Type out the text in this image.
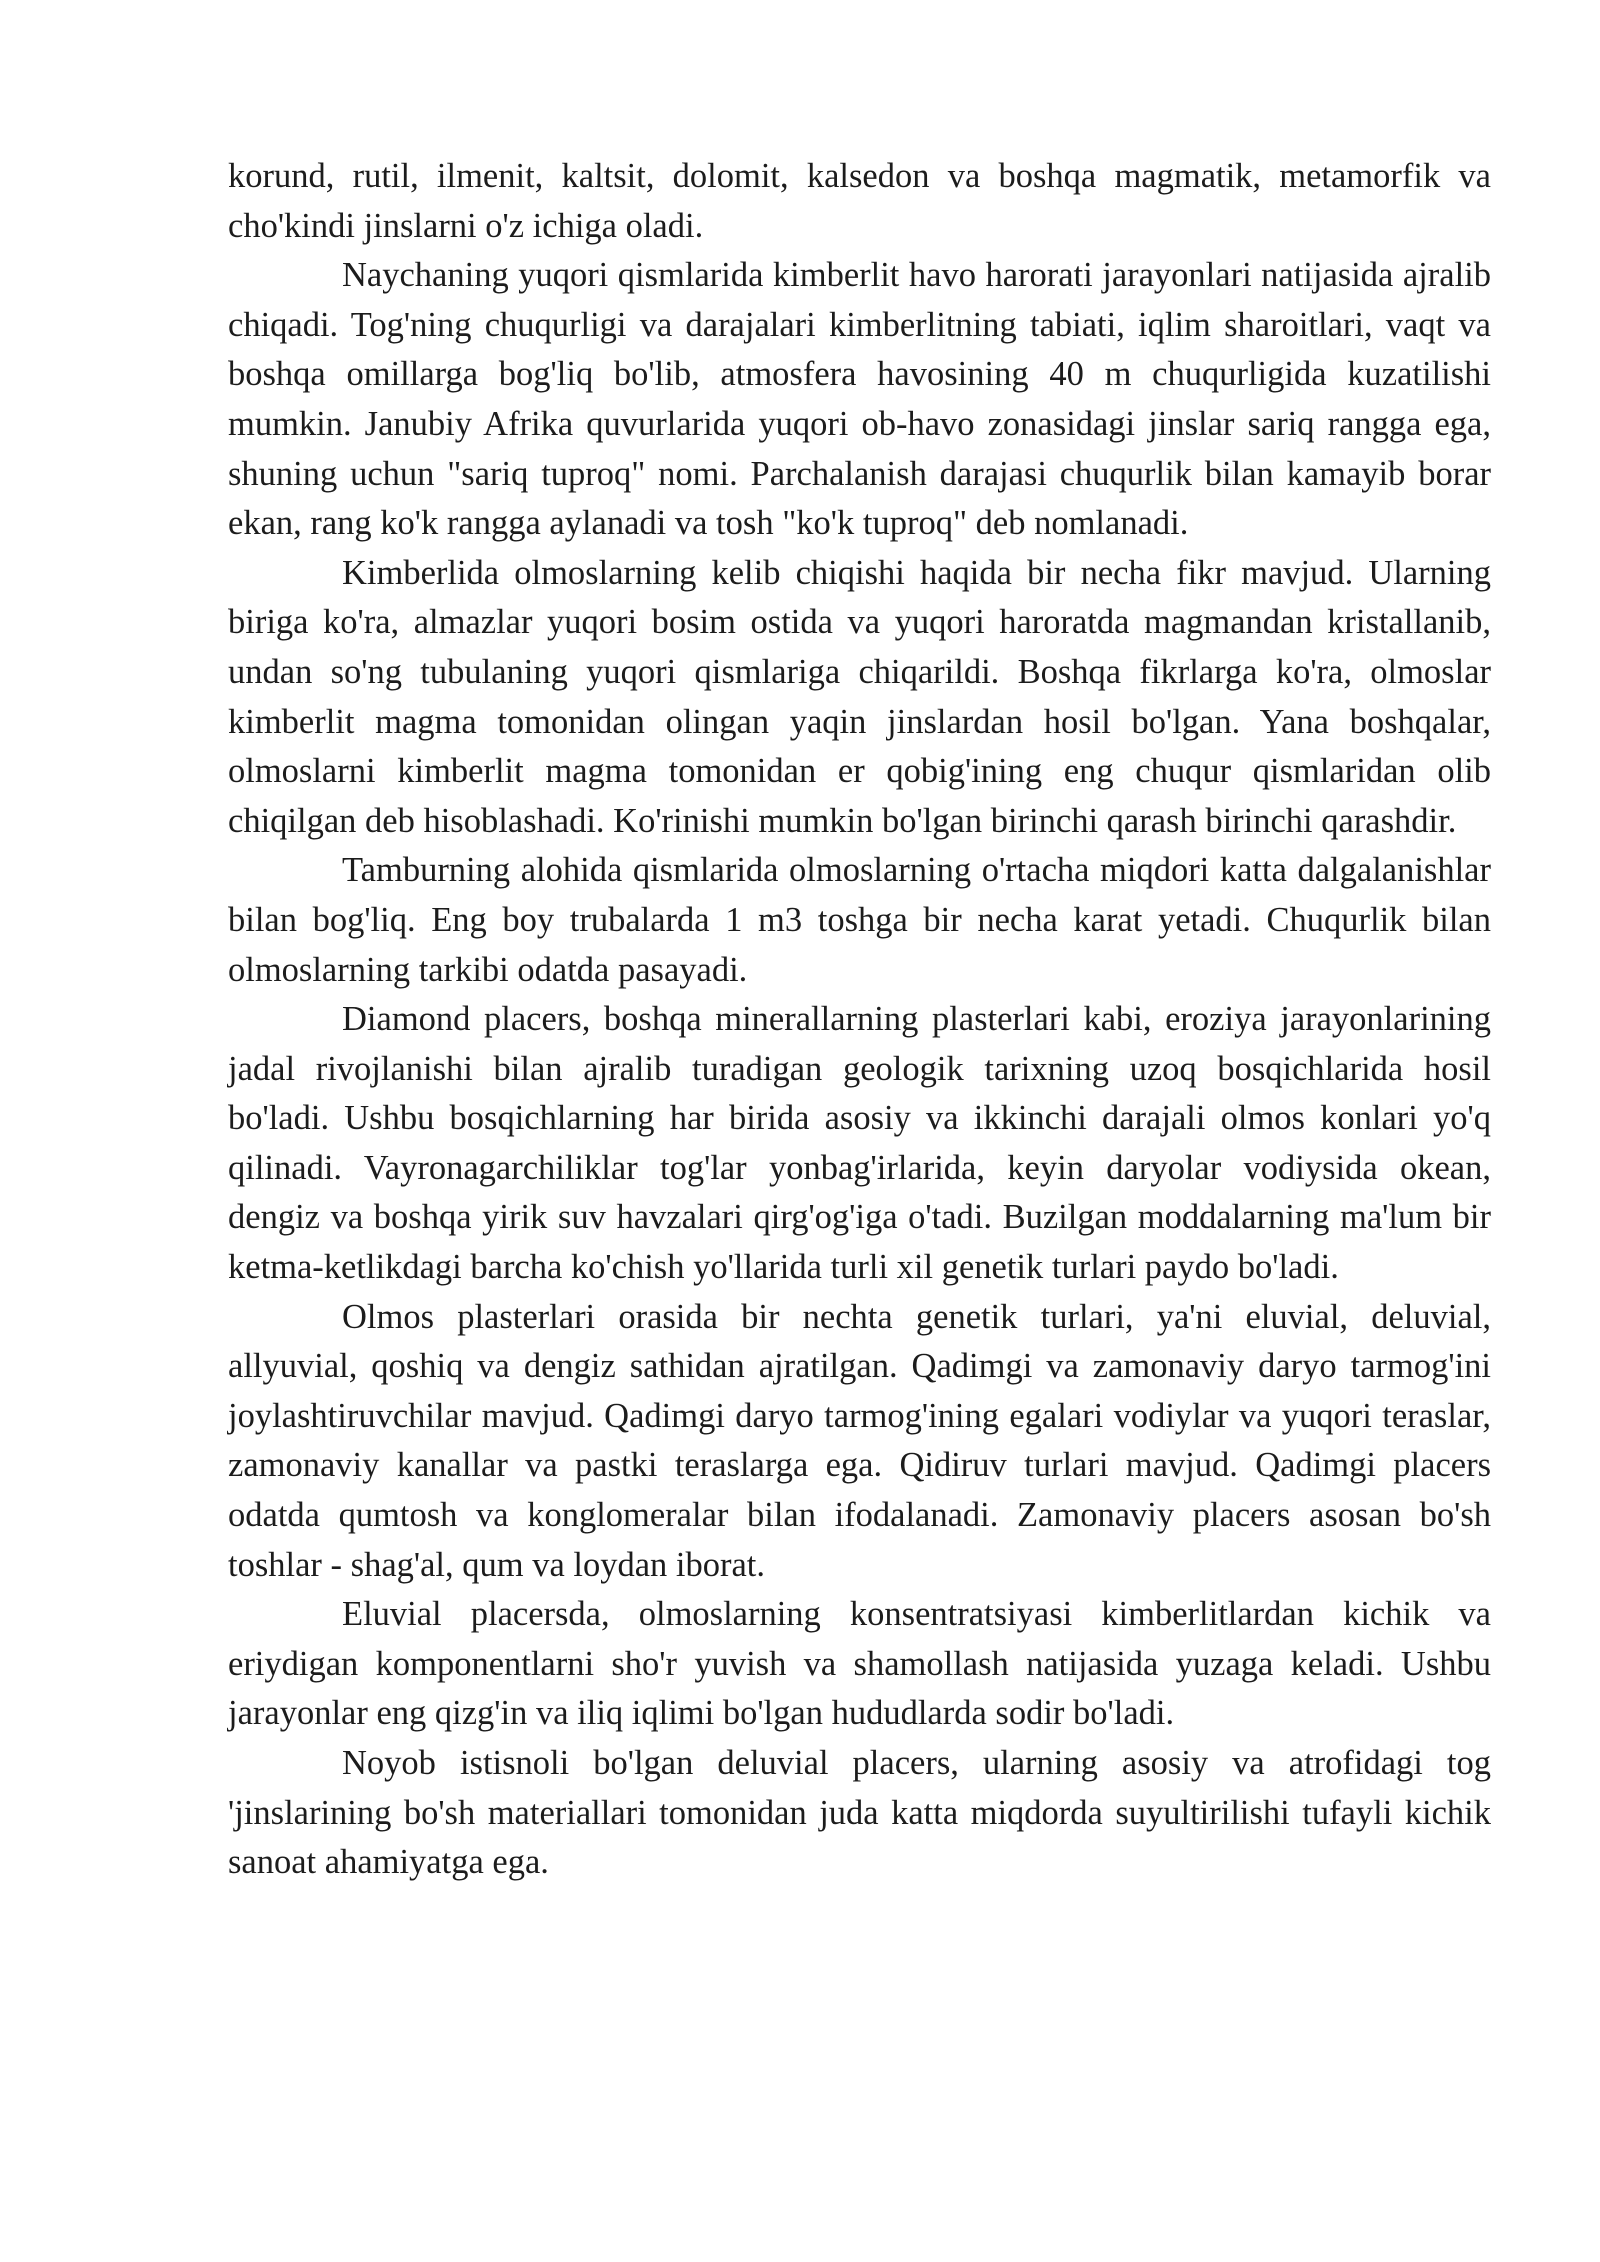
korund, rutil, ilmenit, kaltsit, dolomit, kalsedon va boshqa magmatik, metamorfik va cho'kindi jinslarni o'z ichiga oladi.

Naychaning yuqori qismlarida kimberlit havo harorati jarayonlari natijasida ajralib chiqadi. Tog'ning chuqurligi va darajalari kimberlitning tabiati, iqlim sharoitlari, vaqt va boshqa omillarga bog'liq bo'lib, atmosfera havosining 40 m chuqurligida kuzatilishi mumkin. Janubiy Afrika quvurlarida yuqori ob-havo zonasidagi jinslar sariq rangga ega, shuning uchun "sariq tuproq" nomi. Parchalanish darajasi chuqurlik bilan kamayib borar ekan, rang ko'k rangga aylanadi va tosh "ko'k tuproq" deb nomlanadi.

Kimberlida olmoslarning kelib chiqishi haqida bir necha fikr mavjud. Ularning biriga ko'ra, almazlar yuqori bosim ostida va yuqori haroratda magmandan kristallanib, undan so'ng tubulaning yuqori qismlariga chiqarildi. Boshqa fikrlarga ko'ra, olmoslar kimberlit magma tomonidan olingan yaqin jinslardan hosil bo'lgan. Yana boshqalar, olmoslarni kimberlit magma tomonidan er qobig'ining eng chuqur qismlaridan olib chiqilgan deb hisoblashadi. Ko'rinishi mumkin bo'lgan birinchi qarash birinchi qarashdir.

Tamburning alohida qismlarida olmoslarning o'rtacha miqdori katta dalgalanishlar bilan bog'liq. Eng boy trubalarda 1 m3 toshga bir necha karat yetadi. Chuqurlik bilan olmoslarning tarkibi odatda pasayadi.

Diamond placers, boshqa minerallarning plasterlari kabi, eroziya jarayonlarining jadal rivojlanishi bilan ajralib turadigan geologik tarixning uzoq bosqichlarida hosil bo'ladi. Ushbu bosqichlarning har birida asosiy va ikkinchi darajali olmos konlari yo'q qilinadi. Vayronagarchiliklar tog'lar yonbag'irlarida, keyin daryolar vodiysida okean, dengiz va boshqa yirik suv havzalari qirg'og'iga o'tadi. Buzilgan moddalarning ma'lum bir ketma-ketlikdagi barcha ko'chish yo'llarida turli xil genetik turlari paydo bo'ladi.

Olmos plasterlari orasida bir nechta genetik turlari, ya'ni eluvial, deluvial, allyuvial, qoshiq va dengiz sathidan ajratilgan. Qadimgi va zamonaviy daryo tarmog'ini joylashtiruvchilar mavjud. Qadimgi daryo tarmog'ining egalari vodiylar va yuqori teraslar, zamonaviy kanallar va pastki teraslarga ega. Qidiruv turlari mavjud. Qadimgi placers odatda qumtosh va konglomeralar bilan ifodalanadi. Zamonaviy placers asosan bo'sh toshlar - shag'al, qum va loydan iborat.

Eluvial placersda, olmoslarning konsentratsiyasi kimberlitlardan kichik va eriydigan komponentlarni sho'r yuvish va shamollash natijasida yuzaga keladi. Ushbu jarayonlar eng qizg'in va iliq iqlimi bo'lgan hududlarda sodir bo'ladi.

Noyob istisnoli bo'lgan deluvial placers, ularning asosiy va atrofidagi tog 'jinslarining bo'sh materiallari tomonidan juda katta miqdorda suyultirilishi tufayli kichik sanoat ahamiyatga ega.
